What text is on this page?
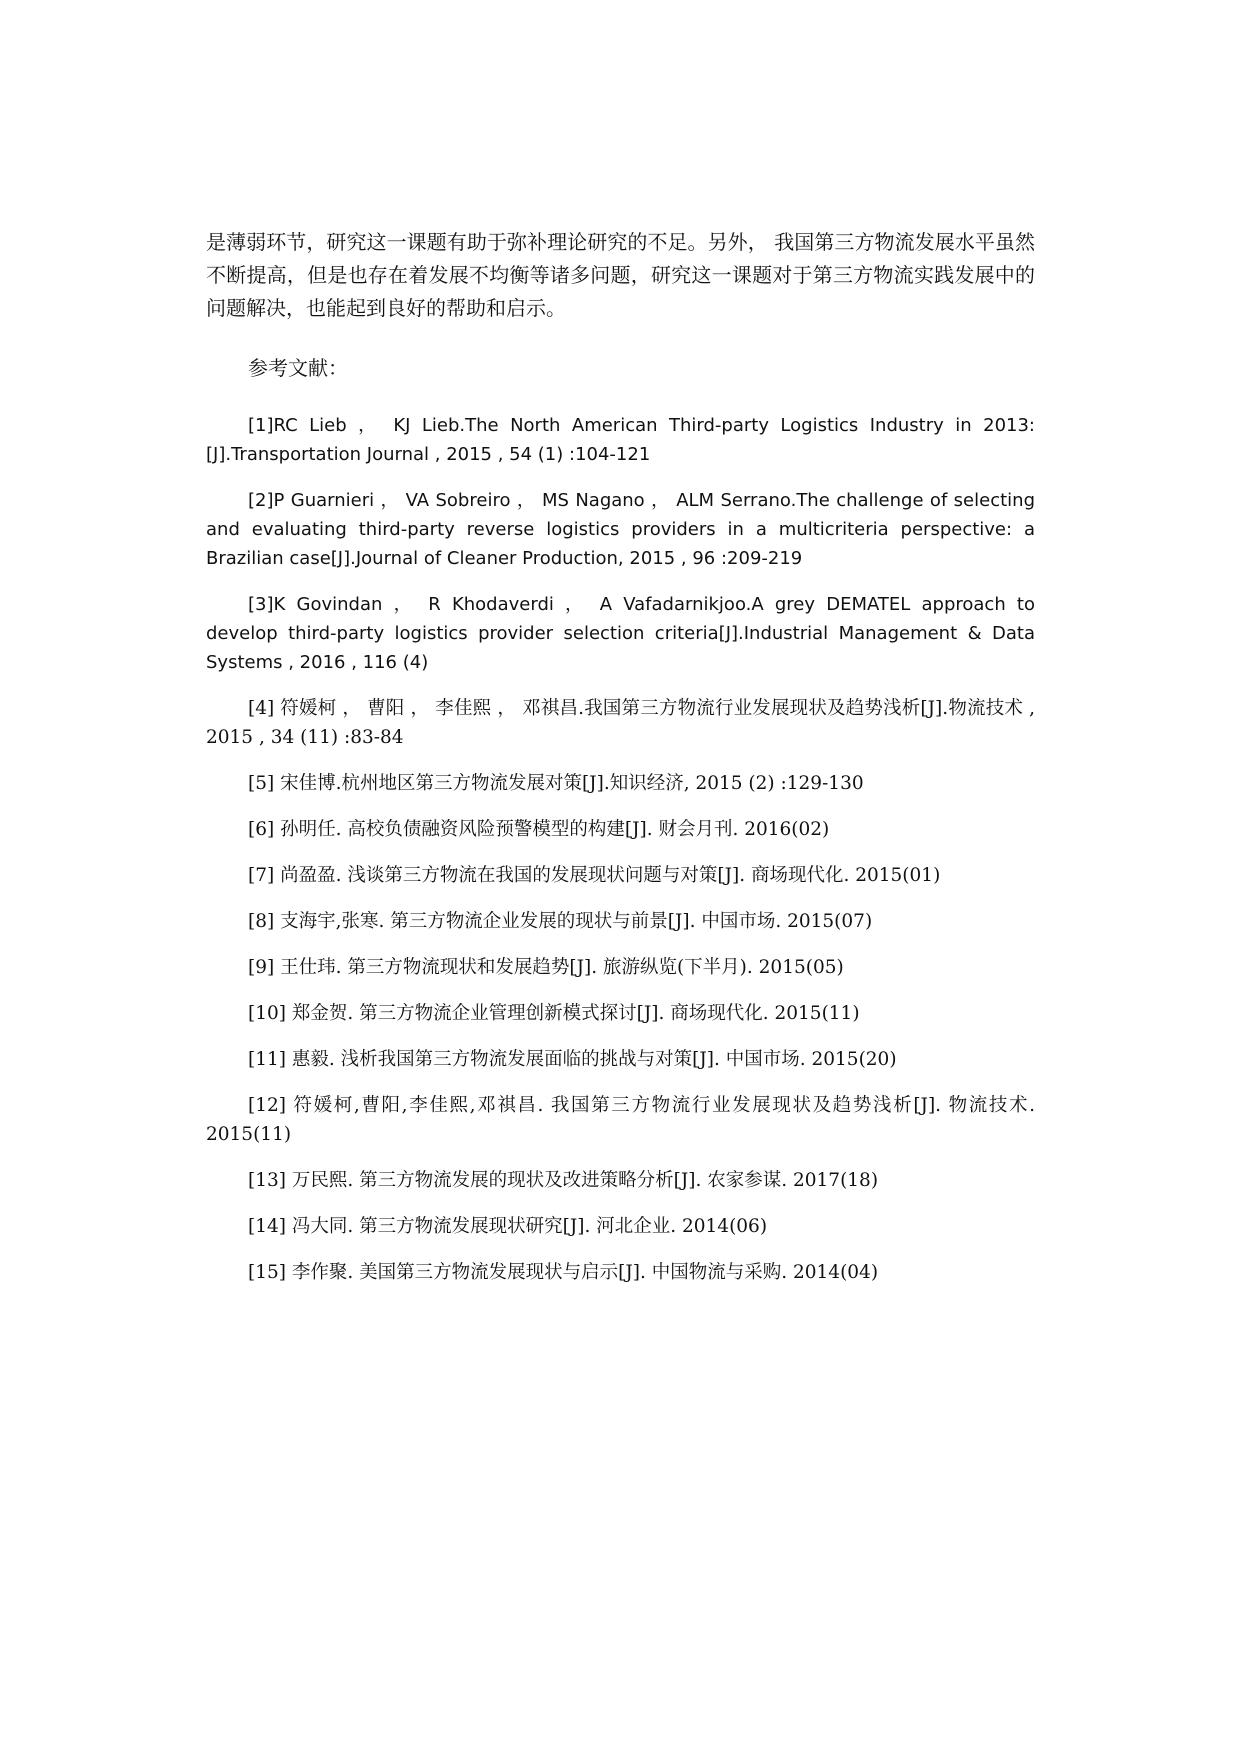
是薄弱环节，研究这一课题有助于弥补理论研究的不足。另外， 我国第三方物流发展水平虽然不断提高，但是也存在着发展不均衡等诸多问题，研究这一课题对于第三方物流实践发展中的问题解决，也能起到良好的帮助和启示。

参考文献：

[1]RC Lieb ， KJ Lieb.The North American Third-party Logistics Industry in 2013:[J].Transportation Journal , 2015 , 54 (1) :104-121
[2]P Guarnieri ， VA Sobreiro ， MS Nagano ， ALM Serrano.The challenge of selecting and evaluating third-party reverse logistics providers in a multicriteria perspective: a Brazilian case[J].Journal of Cleaner Production, 2015 , 96 :209-219
[3]K Govindan ， R Khodaverdi ， A Vafadarnikjoo.A grey DEMATEL approach to develop third-party logistics provider selection criteria[J].Industrial Management & Data Systems , 2016 , 116 (4)
[4] 符媛柯 ， 曹阳 ， 李佳熙 ， 邓祺昌.我国第三方物流行业发展现状及趋势浅析[J].物流技术 , 2015 , 34 (11) :83-84
[5] 宋佳博.杭州地区第三方物流发展对策[J].知识经济, 2015 (2) :129-130
[6] 孙明任. 高校负债融资风险预警模型的构建[J]. 财会月刊. 2016(02)
[7] 尚盈盈. 浅谈第三方物流在我国的发展现状问题与对策[J]. 商场现代化. 2015(01)
[8] 支海宇,张寒. 第三方物流企业发展的现状与前景[J]. 中国市场. 2015(07)
[9] 王仕玮. 第三方物流现状和发展趋势[J]. 旅游纵览(下半月). 2015(05)
[10] 郑金贺. 第三方物流企业管理创新模式探讨[J]. 商场现代化. 2015(11)
[11] 惠毅. 浅析我国第三方物流发展面临的挑战与对策[J]. 中国市场. 2015(20)
[12] 符媛柯,曹阳,李佳熙,邓祺昌. 我国第三方物流行业发展现状及趋势浅析[J]. 物流技术. 2015(11)
[13] 万民熙. 第三方物流发展的现状及改进策略分析[J]. 农家参谋. 2017(18)
[14] 冯大同. 第三方物流发展现状研究[J]. 河北企业. 2014(06)
[15] 李作聚. 美国第三方物流发展现状与启示[J]. 中国物流与采购. 2014(04)
